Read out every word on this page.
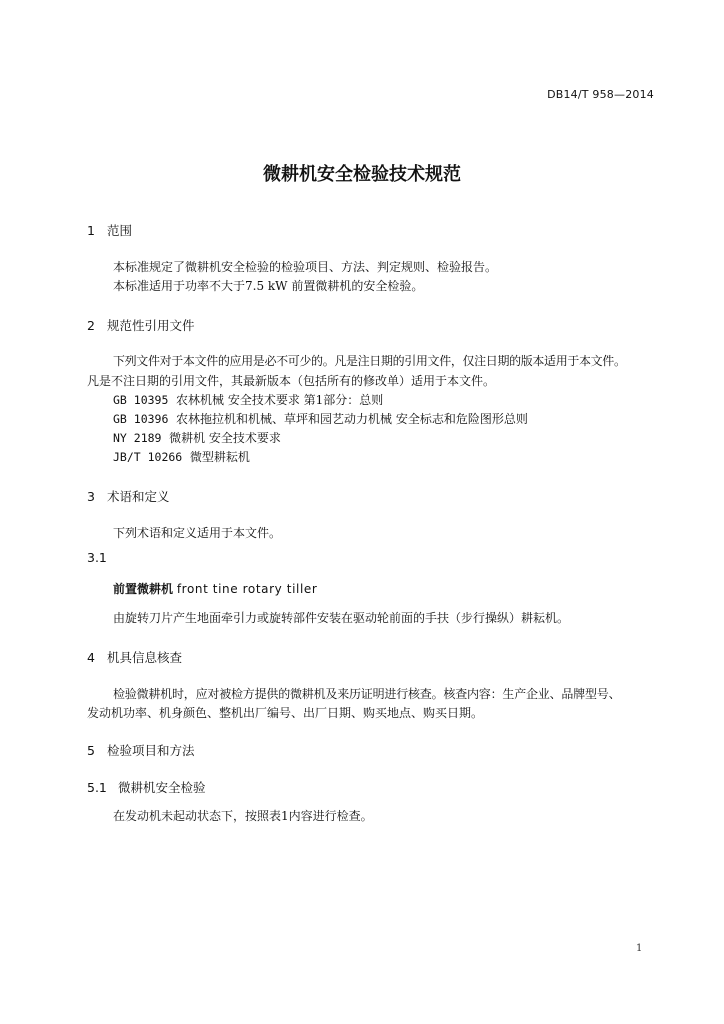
DB14/T 958—2014
微耕机安全检验技术规范
1 范围
本标准规定了微耕机安全检验的检验项目、方法、判定规则、检验报告。
本标准适用于功率不大于7.5 kW 前置微耕机的安全检验。
2 规范性引用文件
下列文件对于本文件的应用是必不可少的。凡是注日期的引用文件，仅注日期的版本适用于本文件。
凡是不注日期的引用文件，其最新版本（包括所有的修改单）适用于本文件。
GB 10395 农林机械 安全技术要求 第1部分：总则
GB 10396 农林拖拉机和机械、草坪和园艺动力机械 安全标志和危险图形总则
NY 2189 微耕机 安全技术要求
JB/T 10266 微型耕耘机
3 术语和定义
下列术语和定义适用于本文件。
3.1
前置微耕机 front tine rotary tiller
由旋转刀片产生地面牵引力或旋转部件安装在驱动轮前面的手扶（步行操纵）耕耘机。
4 机具信息核查
检验微耕机时，应对被检方提供的微耕机及来历证明进行核查。核查内容：生产企业、品牌型号、
发动机功率、机身颜色、整机出厂编号、出厂日期、购买地点、购买日期。
5 检验项目和方法
5.1 微耕机安全检验
在发动机未起动状态下，按照表1内容进行检查。
1
